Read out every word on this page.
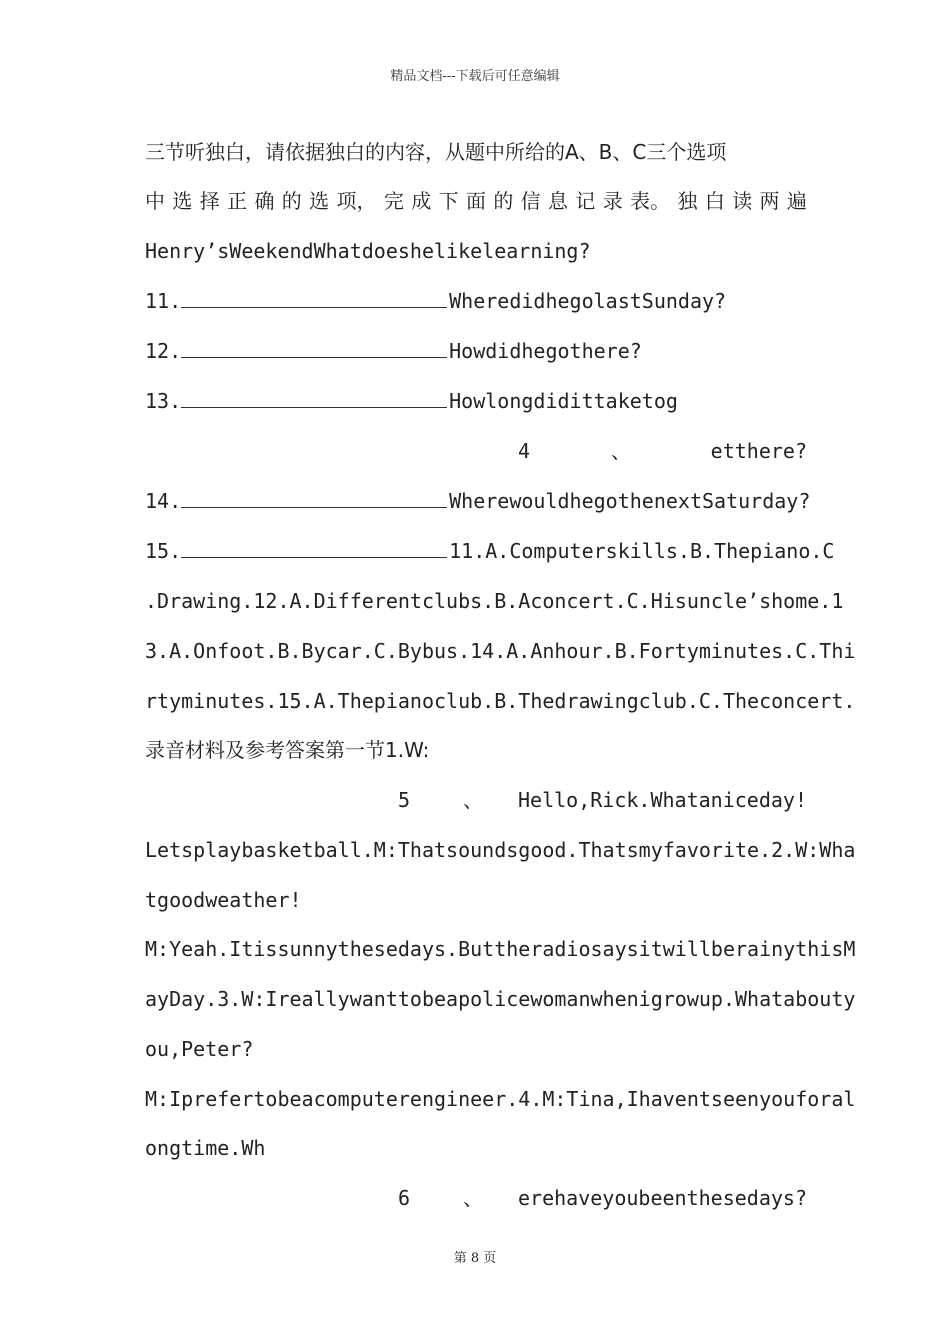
精品文档---下载后可任意编辑
三节听独白，请依据独白的内容，从题中所给的A、B、C三个选项
中 选 择 正 确 的 选 项， 完 成 下 面 的 信 息 记 录 表。 独 白 读 两 遍
Henry’sWeekendWhatdoeshelikelearning?
11.	WheredidhegolastSunday?
12.	Howdidhegothere?
13.	Howlongdidittaketog
4	、	etthere?
14.	WherewouldhegothenextSaturday?
15.	11.A.Computerskills.B.Thepiano.C
.Drawing.12.A.Differentclubs.B.Aconcert.C.Hisuncle’shome.1
3.A.Onfoot.B.Bycar.C.Bybus.14.A.Anhour.B.Fortyminutes.C.Thi
rtyminutes.15.A.Thepianoclub.B.Thedrawingclub.C.Theconcert.
录音材料及参考答案第一节1.W:
5	、 Hello,Rick.Whataniceday!
Letsplaybasketball.M:Thatsoundsgood.Thatsmyfavorite.2.W:Wha
tgoodweather!
M:Yeah.Itissunnythesedays.ButtheradiosaysitwillberainythisM
ayDay.3.W:Ireallywanttobeapolicewomanwhenigrowup.Whatabouty
ou,Peter?
M:Iprefertobeacomputerengineer.4.M:Tina,Ihaventseenyouforal
ongtime.Wh
6	、 erehaveyoubeenthesedays?
第 8 页
